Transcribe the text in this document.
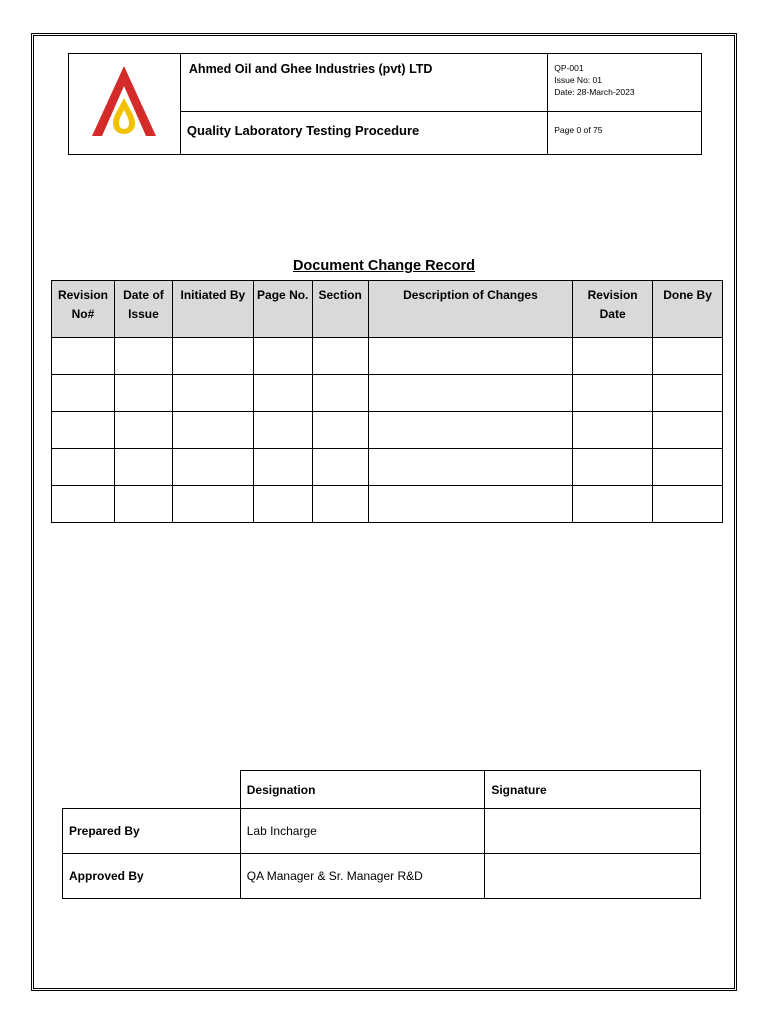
	Ahmed Oil and Ghee Industries (pvt) LTD	QP-001
Issue No: 01
Date: 28-March-2023

	Quality Laboratory Testing Procedure	Page 0 of 75
Document Change Record
Revision No#	Date of Issue	Initiated By	Page No.	Section	Description of Changes	Revision Date	Done By

	Designation	Signature
Prepared By	Lab Incharge	
Approved By	QA Manager & Sr. Manager R&D	
